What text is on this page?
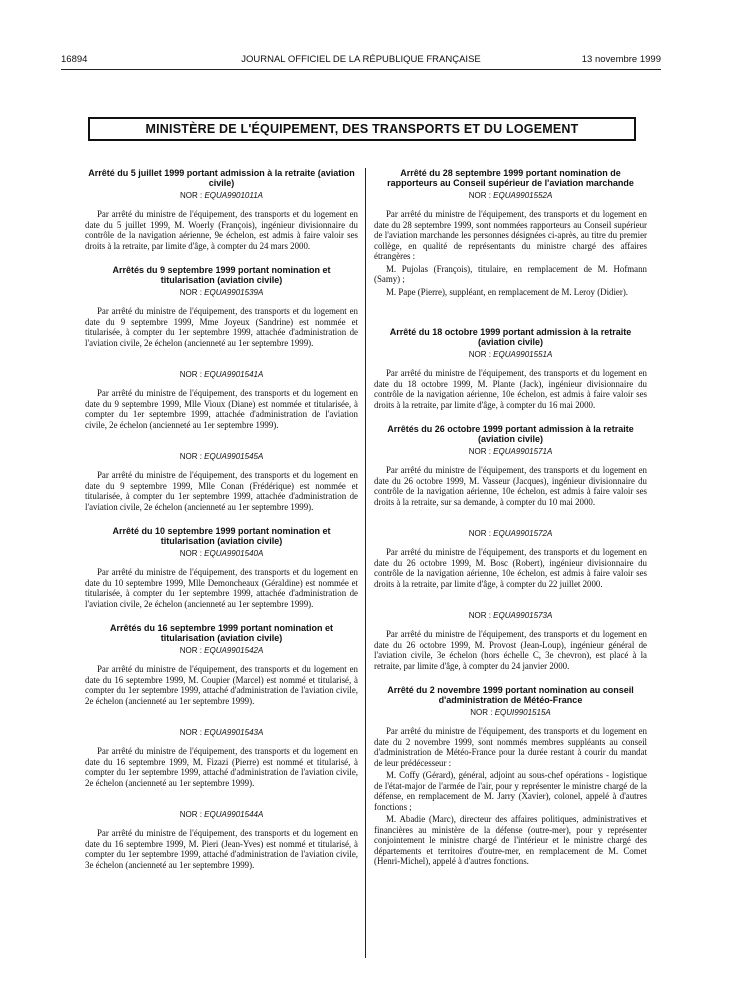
16894	JOURNAL OFFICIEL DE LA RÉPUBLIQUE FRANÇAISE	13 novembre 1999
MINISTÈRE DE L'ÉQUIPEMENT, DES TRANSPORTS ET DU LOGEMENT
Arrêté du 5 juillet 1999 portant admission à la retraite (aviation civile)
NOR : EQUA9901011A

Par arrêté du ministre de l'équipement, des transports et du logement en date du 5 juillet 1999, M. Woerly (François), ingénieur divisionnaire du contrôle de la navigation aérienne, 9e échelon, est admis à faire valoir ses droits à la retraite, par limite d'âge, à compter du 24 mars 2000.

Arrêtés du 9 septembre 1999 portant nomination et titularisation (aviation civile)
NOR : EQUA9901539A

Par arrêté du ministre de l'équipement, des transports et du logement en date du 9 septembre 1999, Mme Joyeux (Sandrine) est nommée et titularisée, à compter du 1er septembre 1999, attachée d'administration de l'aviation civile, 2e échelon (ancienneté au 1er septembre 1999).

NOR : EQUA9901541A

Par arrêté du ministre de l'équipement, des transports et du logement en date du 9 septembre 1999, Mlle Vioux (Diane) est nommée et titularisée, à compter du 1er septembre 1999, attachée d'administration de l'aviation civile, 2e échelon (ancienneté au 1er septembre 1999).

NOR : EQUA9901545A

Par arrêté du ministre de l'équipement, des transports et du logement en date du 9 septembre 1999, Mlle Conan (Frédérique) est nommée et titularisée, à compter du 1er septembre 1999, attachée d'administration de l'aviation civile, 2e échelon (ancienneté au 1er septembre 1999).

Arrêté du 10 septembre 1999 portant nomination et titularisation (aviation civile)
NOR : EQUA9901540A

Par arrêté du ministre de l'équipement, des transports et du logement en date du 10 septembre 1999, Mlle Demoncheaux (Géraldine) est nommée et titularisée, à compter du 1er septembre 1999, attachée d'administration de l'aviation civile, 2e échelon (ancienneté au 1er septembre 1999).

Arrêtés du 16 septembre 1999 portant nomination et titularisation (aviation civile)
NOR : EQUA9901542A

Par arrêté du ministre de l'équipement, des transports et du logement en date du 16 septembre 1999, M. Coupier (Marcel) est nommé et titularisé, à compter du 1er septembre 1999, attaché d'administration de l'aviation civile, 2e échelon (ancienneté au 1er septembre 1999).

NOR : EQUA9901543A

Par arrêté du ministre de l'équipement, des transports et du logement en date du 16 septembre 1999, M. Fizazi (Pierre) est nommé et titularisé, à compter du 1er septembre 1999, attaché d'administration de l'aviation civile, 2e échelon (ancienneté au 1er septembre 1999).

NOR : EQUA9901544A

Par arrêté du ministre de l'équipement, des transports et du logement en date du 16 septembre 1999, M. Pieri (Jean-Yves) est nommé et titularisé, à compter du 1er septembre 1999, attaché d'administration de l'aviation civile, 3e échelon (ancienneté au 1er septembre 1999).

Arrêté du 28 septembre 1999 portant nomination de rapporteurs au Conseil supérieur de l'aviation marchande
NOR : EQUA9901552A

Par arrêté du ministre de l'équipement, des transports et du logement en date du 28 septembre 1999, sont nommées rapporteurs au Conseil supérieur de l'aviation marchande les personnes désignées ci-après, au titre du premier collège, en qualité de représentants du ministre chargé des affaires étrangères :

M. Pujolas (François), titulaire, en remplacement de M. Hofmann (Samy) ;

M. Pape (Pierre), suppléant, en remplacement de M. Leroy (Didier).

Arrêté du 18 octobre 1999 portant admission à la retraite (aviation civile)
NOR : EQUA9901551A

Par arrêté du ministre de l'équipement, des transports et du logement en date du 18 octobre 1999, M. Plante (Jack), ingénieur divisionnaire du contrôle de la navigation aérienne, 10e échelon, est admis à faire valoir ses droits à la retraite, par limite d'âge, à compter du 16 mai 2000.

Arrêtés du 26 octobre 1999 portant admission à la retraite (aviation civile)
NOR : EQUA9901571A

Par arrêté du ministre de l'équipement, des transports et du logement en date du 26 octobre 1999, M. Vasseur (Jacques), ingénieur divisionnaire du contrôle de la navigation aérienne, 10e échelon, est admis à faire valoir ses droits à la retraite, sur sa demande, à compter du 10 mai 2000.

NOR : EQUA9901572A

Par arrêté du ministre de l'équipement, des transports et du logement en date du 26 octobre 1999, M. Bosc (Robert), ingénieur divisionnaire du contrôle de la navigation aérienne, 10e échelon, est admis à faire valoir ses droits à la retraite, par limite d'âge, à compter du 22 juillet 2000.

NOR : EQUA9901573A

Par arrêté du ministre de l'équipement, des transports et du logement en date du 26 octobre 1999, M. Provost (Jean-Loup), ingénieur général de l'aviation civile, 3e échelon (hors échelle C, 3e chevron), est placé à la retraite, par limite d'âge, à compter du 24 janvier 2000.

Arrêté du 2 novembre 1999 portant nomination au conseil d'administration de Météo-France
NOR : EQUI9901515A

Par arrêté du ministre de l'équipement, des transports et du logement en date du 2 novembre 1999, sont nommés membres suppléants au conseil d'administration de Météo-France pour la durée restant à courir du mandat de leur prédécesseur :

M. Coffy (Gérard), général, adjoint au sous-chef opérations - logistique de l'état-major de l'armée de l'air, pour y représenter le ministre chargé de la défense, en remplacement de M. Jarry (Xavier), colonel, appelé à d'autres fonctions ;

M. Abadie (Marc), directeur des affaires politiques, administratives et financières au ministère de la défense (outre-mer), pour y représenter conjointement le ministre chargé de l'intérieur et le ministre chargé des départements et territoires d'outre-mer, en remplacement de M. Comet (Henri-Michel), appelé à d'autres fonctions.
